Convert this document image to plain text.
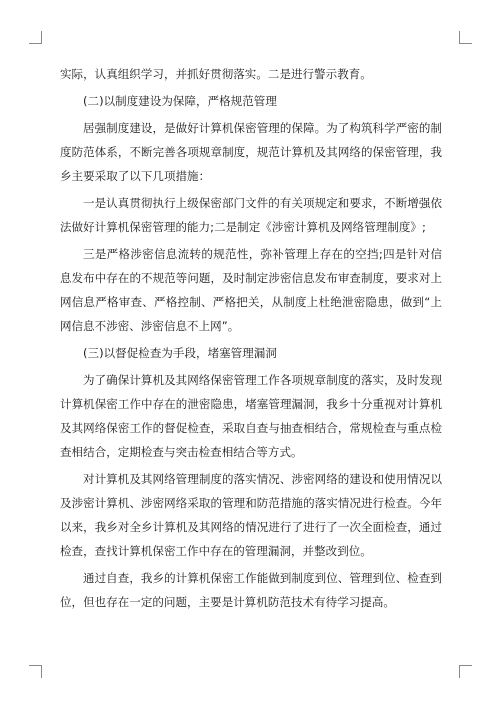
实际，认真组织学习，并抓好贯彻落实。二是进行警示教育。

(二)以制度建设为保障，严格规范管理

居强制度建设，是做好计算机保密管理的保障。为了构筑科学严密的制度防范体系，不断完善各项规章制度，规范计算机及其网络的保密管理，我乡主要采取了以下几项措施：

一是认真贯彻执行上级保密部门文件的有关项规定和要求，不断增强依法做好计算机保密管理的能力;二是制定《涉密计算机及网络管理制度》;

三是严格涉密信息流转的规范性，弥补管理上存在的空挡;四是针对信息发布中存在的不规范等问题，及时制定涉密信息发布审查制度，要求对上网信息严格审查、严格控制、严格把关，从制度上杜绝泄密隐患，做到“上网信息不涉密、涉密信息不上网”。

(三)以督促检查为手段，堵塞管理漏洞

为了确保计算机及其网络保密管理工作各项规章制度的落实，及时发现计算机保密工作中存在的泄密隐患，堵塞管理漏洞，我乡十分重视对计算机及其网络保密工作的督促检查，采取自查与抽查相结合，常规检查与重点检查相结合，定期检查与突击检查相结合等方式。

对计算机及其网络管理制度的落实情况、涉密网络的建设和使用情况以及涉密计算机、涉密网络采取的管理和防范措施的落实情况进行检查。今年以来，我乡对全乡计算机及其网络的情况进行了进行了一次全面检查，通过检查，查找计算机保密工作中存在的管理漏洞，并整改到位。

通过自查，我乡的计算机保密工作能做到制度到位、管理到位、检查到位，但也存在一定的问题，主要是计算机防范技术有待学习提高。
